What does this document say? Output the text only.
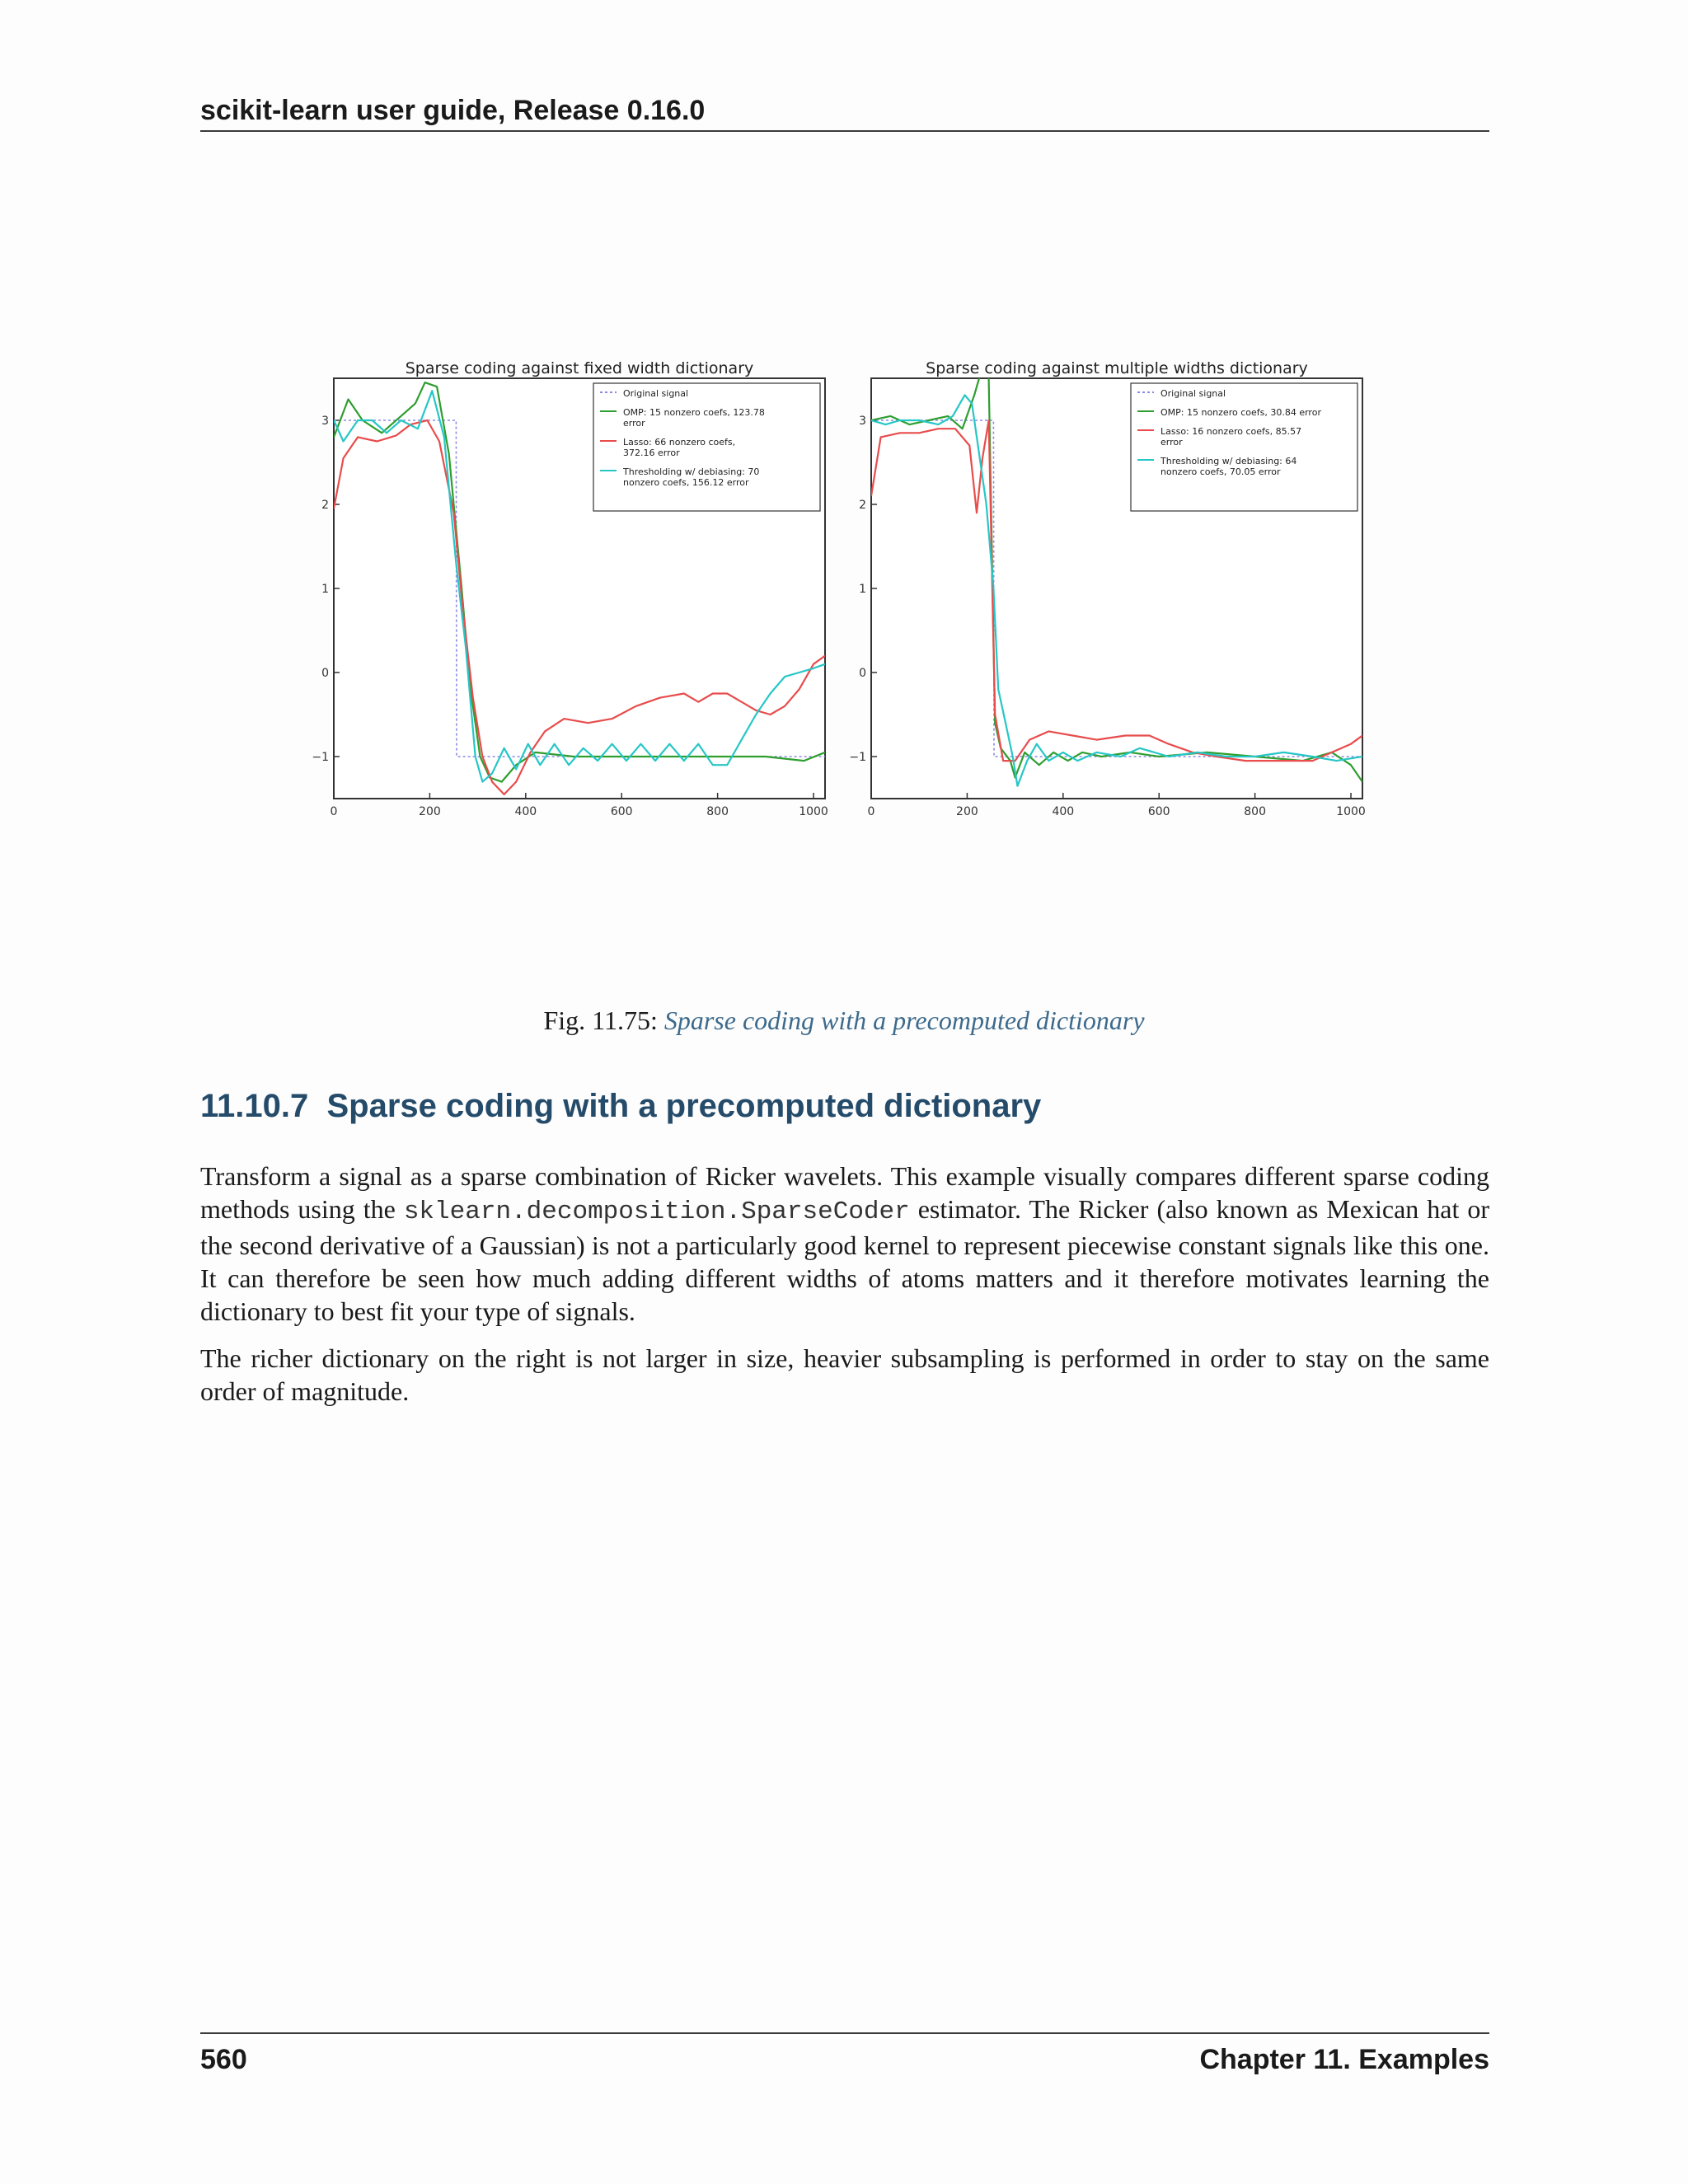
scikit-learn user guide, Release 0.16.0
Sparse coding against fixed width dictionary
−1
0
1
2
3
0	200	400	600	800	1000
Original signal
OMP: 15 nonzero coefs, 123.78
error
Lasso: 66 nonzero coefs,
372.16 error
Thresholding w/ debiasing: 70
nonzero coefs, 156.12 error
Sparse coding against multiple widths dictionary
−1
0
1
2
3
0	200	400	600	800	1000
Original signal
OMP: 15 nonzero coefs, 30.84 error
Lasso: 16 nonzero coefs, 85.57
error
Thresholding w/ debiasing: 64
nonzero coefs, 70.05 error
Fig. 11.75: Sparse coding with a precomputed dictionary
11.10.7 Sparse coding with a precomputed dictionary
Transform a signal as a sparse combination of Ricker wavelets. This example visually compares different sparse coding methods using the sklearn.decomposition.SparseCoder estimator. The Ricker (also known as Mexican hat or the second derivative of a Gaussian) is not a particularly good kernel to represent piecewise constant signals like this one. It can therefore be seen how much adding different widths of atoms matters and it therefore motivates learning the dictionary to best fit your type of signals.
The richer dictionary on the right is not larger in size, heavier subsampling is performed in order to stay on the same order of magnitude.
560	Chapter 11. Examples
